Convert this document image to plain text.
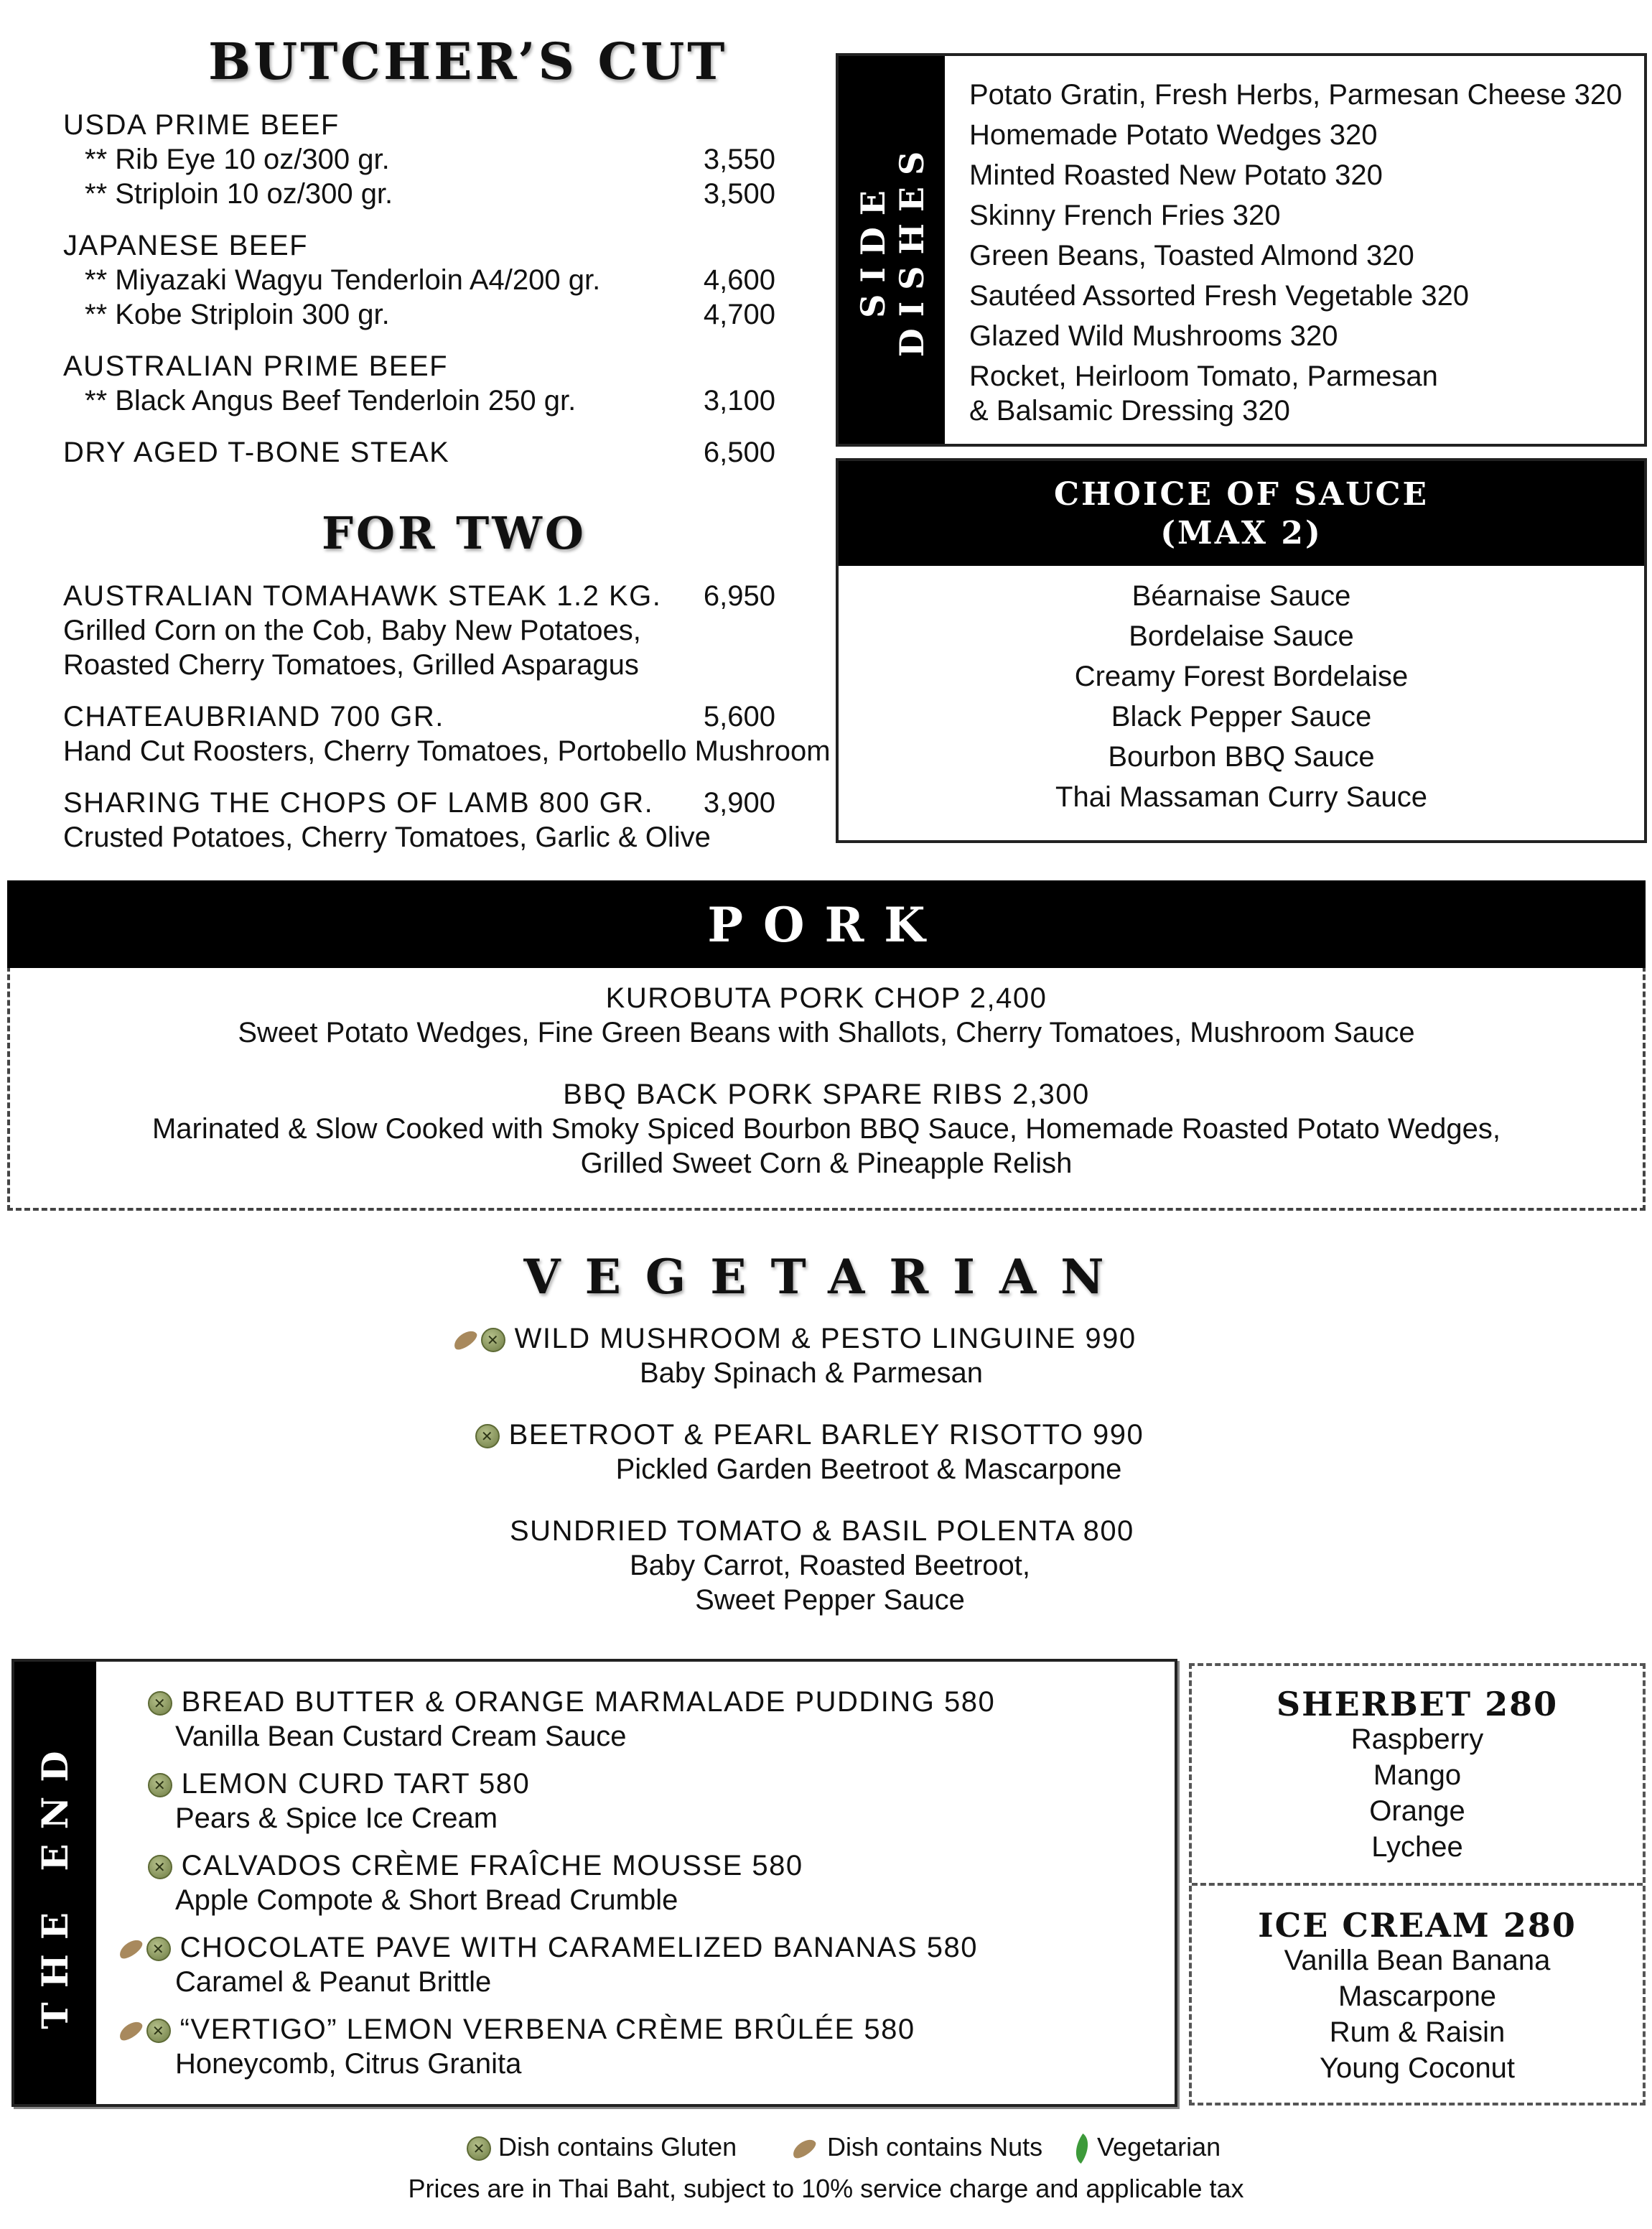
BUTCHER’S CUT
USDA PRIME BEEF
** Rib Eye 10 oz/300 gr.	3,550
** Striploin 10 oz/300 gr.	3,500
JAPANESE BEEF
** Miyazaki Wagyu Tenderloin A4/200 gr.	4,600
** Kobe Striploin 300 gr.	4,700
AUSTRALIAN PRIME BEEF
** Black Angus Beef Tenderloin 250 gr.	3,100
DRY AGED T-BONE STEAK	6,500
FOR TWO
AUSTRALIAN TOMAHAWK STEAK 1.2 KG.	6,950
Grilled Corn on the Cob, Baby New Potatoes,
Roasted Cherry Tomatoes, Grilled Asparagus
CHATEAUBRIAND 700 GR.	5,600
Hand Cut Roosters, Cherry Tomatoes, Portobello Mushroom
SHARING THE CHOPS OF LAMB 800 GR.	3,900
Crusted Potatoes, Cherry Tomatoes, Garlic & Olive
SIDE DISHES
Potato Gratin, Fresh Herbs, Parmesan Cheese 320
Homemade Potato Wedges 320
Minted Roasted New Potato 320
Skinny French Fries 320
Green Beans, Toasted Almond 320
Sautéed Assorted Fresh Vegetable 320
Glazed Wild Mushrooms 320
Rocket, Heirloom Tomato, Parmesan
& Balsamic Dressing 320
CHOICE OF SAUCE
(MAX 2)
Béarnaise Sauce
Bordelaise Sauce
Creamy Forest Bordelaise
Black Pepper Sauce
Bourbon BBQ Sauce
Thai Massaman Curry Sauce
PORK
KUROBUTA PORK CHOP 2,400
Sweet Potato Wedges, Fine Green Beans with Shallots, Cherry Tomatoes, Mushroom Sauce
BBQ BACK PORK SPARE RIBS 2,300
Marinated & Slow Cooked with Smoky Spiced Bourbon BBQ Sauce, Homemade Roasted Potato Wedges,
Grilled Sweet Corn & Pineapple Relish
VEGETARIAN
✕ WILD MUSHROOM & PESTO LINGUINE 990
Baby Spinach & Parmesan
✕ BEETROOT & PEARL BARLEY RISOTTO 990
Pickled Garden Beetroot & Mascarpone
SUNDRIED TOMATO & BASIL POLENTA 800
Baby Carrot, Roasted Beetroot,
Sweet Pepper Sauce
THE END
✕ BREAD BUTTER & ORANGE MARMALADE PUDDING 580
Vanilla Bean Custard Cream Sauce
✕ LEMON CURD TART 580
Pears & Spice Ice Cream
✕ CALVADOS CRÈME FRAÎCHE MOUSSE 580
Apple Compote & Short Bread Crumble
✕ CHOCOLATE PAVE WITH CARAMELIZED BANANAS 580
Caramel & Peanut Brittle
✕ “VERTIGO” LEMON VERBENA CRÈME BRÛLÉE 580
Honeycomb, Citrus Granita
SHERBET 280
Raspberry
Mango
Orange
Lychee
ICE CREAM 280
Vanilla Bean Banana
Mascarpone
Rum & Raisin
Young Coconut
✕ Dish contains Gluten	Dish contains Nuts	Vegetarian
Prices are in Thai Baht, subject to 10% service charge and applicable tax
